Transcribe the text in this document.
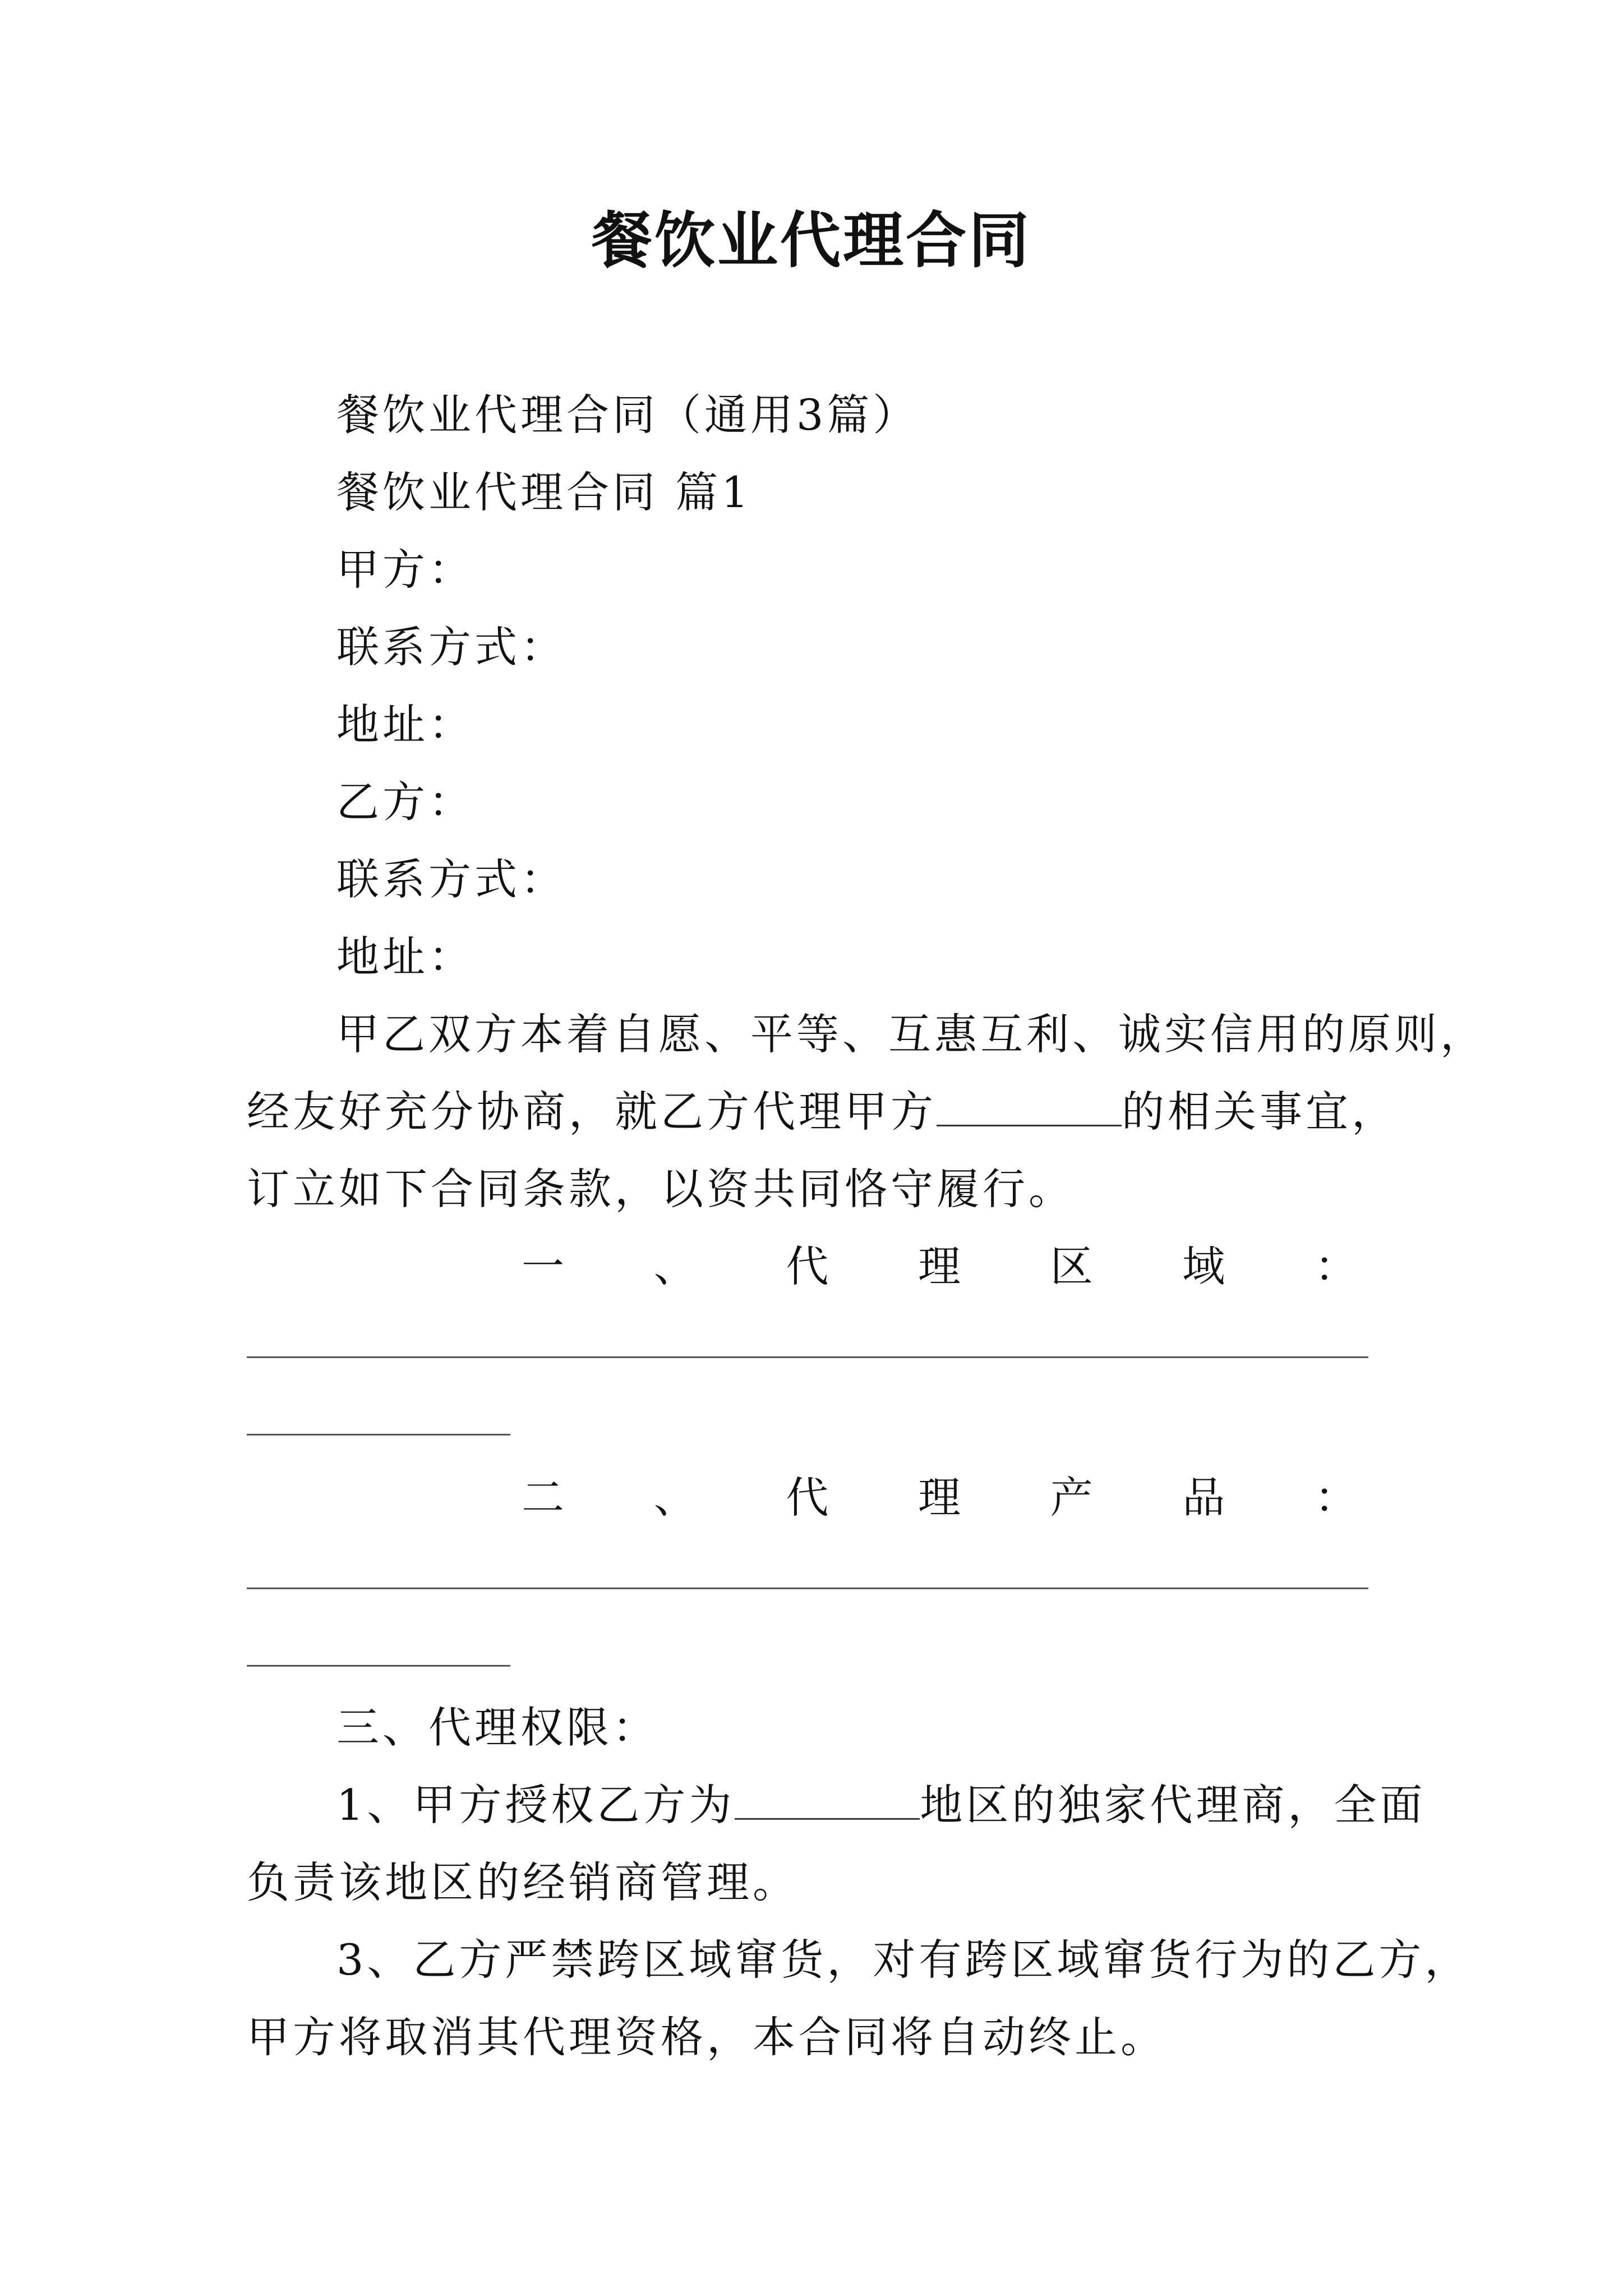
餐饮业代理合同
餐饮业代理合同（通用3篇）
餐饮业代理合同 篇1
甲方：
联系方式：
地址：
乙方：
联系方式：
地址：
甲乙双方本着自愿、平等、互惠互利、诚实信用的原则，
经友好充分协商，就乙方代理甲方	的相关事宜，
订立如下合同条款，以资共同恪守履行。
一 、 代 理 区 域 ：
二 、 代 理 产 品 ：
三、代理权限：
1、甲方授权乙方为	地区的独家代理商，全面
负责该地区的经销商管理。
3、乙方严禁跨区域窜货，对有跨区域窜货行为的乙方，
甲方将取消其代理资格，本合同将自动终止。
